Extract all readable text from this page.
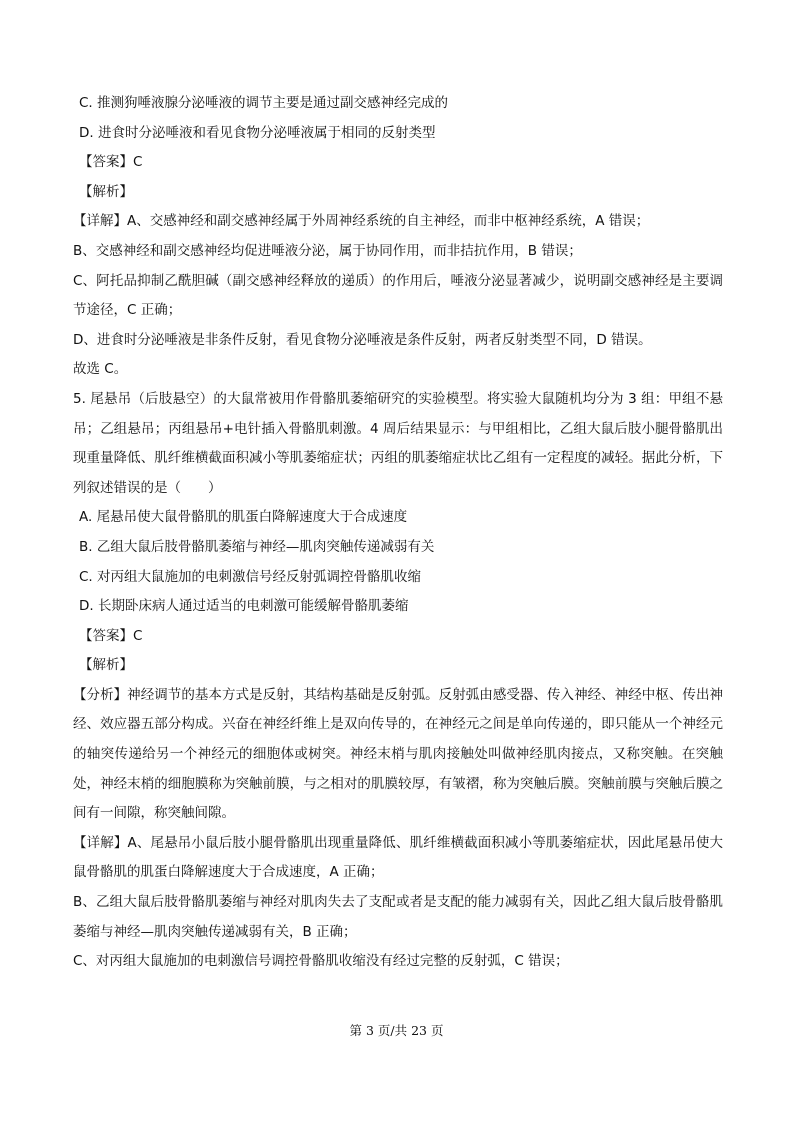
C. 推测狗唾液腺分泌唾液的调节主要是通过副交感神经完成的
D. 进食时分泌唾液和看见食物分泌唾液属于相同的反射类型
【答案】C
【解析】
【详解】A、交感神经和副交感神经属于外周神经系统的自主神经，而非中枢神经系统，A 错误；
B、交感神经和副交感神经均促进唾液分泌，属于协同作用，而非拮抗作用，B 错误；
C、阿托品抑制乙酰胆碱（副交感神经释放的递质）的作用后，唾液分泌显著减少，说明副交感神经是主要调节途径，C 正确；
D、进食时分泌唾液是非条件反射，看见食物分泌唾液是条件反射，两者反射类型不同，D 错误。
故选 C。
5. 尾悬吊（后肢悬空）的大鼠常被用作骨骼肌萎缩研究的实验模型。将实验大鼠随机均分为 3 组：甲组不悬吊；乙组悬吊；丙组悬吊+电针插入骨骼肌刺激。4 周后结果显示：与甲组相比，乙组大鼠后肢小腿骨骼肌出现重量降低、肌纤维横截面积减小等肌萎缩症状；丙组的肌萎缩症状比乙组有一定程度的减轻。据此分析，下列叙述错误的是（　　）
A. 尾悬吊使大鼠骨骼肌的肌蛋白降解速度大于合成速度
B. 乙组大鼠后肢骨骼肌萎缩与神经—肌肉突触传递减弱有关
C. 对丙组大鼠施加的电刺激信号经反射弧调控骨骼肌收缩
D. 长期卧床病人通过适当的电刺激可能缓解骨骼肌萎缩
【答案】C
【解析】
【分析】神经调节的基本方式是反射，其结构基础是反射弧。反射弧由感受器、传入神经、神经中枢、传出神经、效应器五部分构成。兴奋在神经纤维上是双向传导的，在神经元之间是单向传递的，即只能从一个神经元的轴突传递给另一个神经元的细胞体或树突。神经末梢与肌肉接触处叫做神经肌肉接点，又称突触。在突触处，神经末梢的细胞膜称为突触前膜，与之相对的肌膜较厚，有皱褶，称为突触后膜。突触前膜与突触后膜之间有一间隙，称突触间隙。
【详解】A、尾悬吊小鼠后肢小腿骨骼肌出现重量降低、肌纤维横截面积减小等肌萎缩症状，因此尾悬吊使大鼠骨骼肌的肌蛋白降解速度大于合成速度，A 正确；
B、乙组大鼠后肢骨骼肌萎缩与神经对肌肉失去了支配或者是支配的能力减弱有关，因此乙组大鼠后肢骨骼肌萎缩与神经—肌肉突触传递减弱有关，B 正确；
C、对丙组大鼠施加的电刺激信号调控骨骼肌收缩没有经过完整的反射弧，C 错误；
第 3 页/共 23 页
